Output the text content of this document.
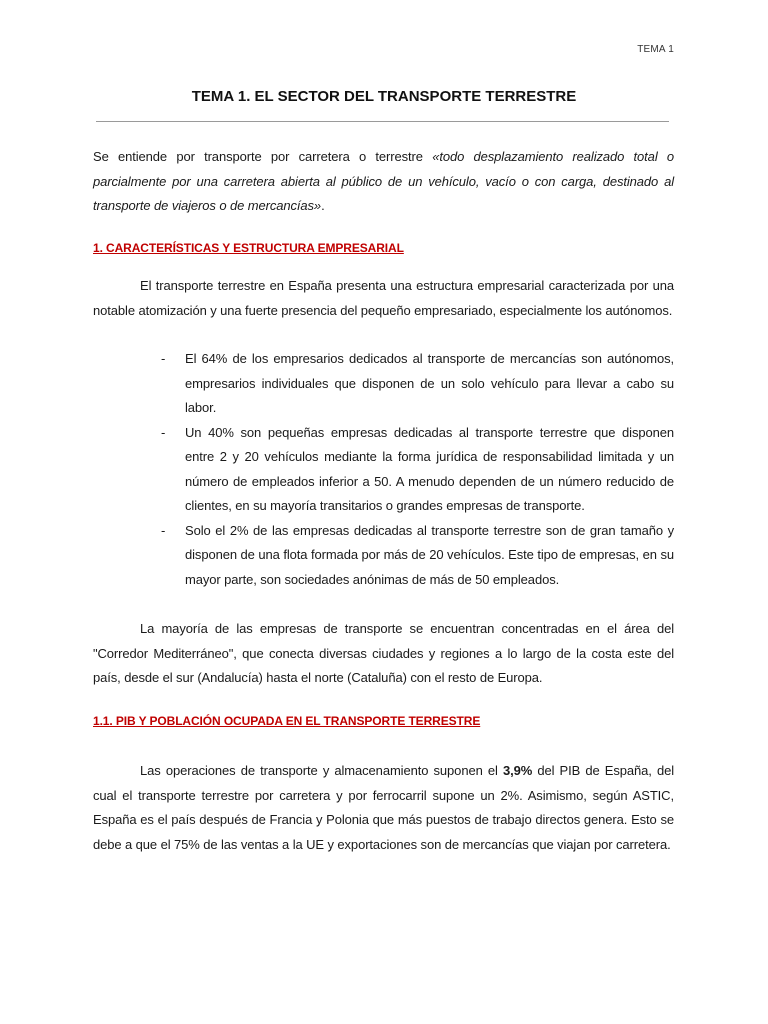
TEMA 1
TEMA 1. EL SECTOR DEL TRANSPORTE TERRESTRE

Se entiende por transporte por carretera o terrestre «todo desplazamiento realizado total o parcialmente por una carretera abierta al público de un vehículo, vacío o con carga, destinado al transporte de viajeros o de mercancías».

1. CARACTERÍSTICAS Y ESTRUCTURA EMPRESARIAL

El transporte terrestre en España presenta una estructura empresarial caracterizada por una notable atomización y una fuerte presencia del pequeño empresariado, especialmente los autónomos.

- El 64% de los empresarios dedicados al transporte de mercancías son autónomos, empresarios individuales que disponen de un solo vehículo para llevar a cabo su labor.
- Un 40% son pequeñas empresas dedicadas al transporte terrestre que disponen entre 2 y 20 vehículos mediante la forma jurídica de responsabilidad limitada y un número de empleados inferior a 50. A menudo dependen de un número reducido de clientes, en su mayoría transitarios o grandes empresas de transporte.
- Solo el 2% de las empresas dedicadas al transporte terrestre son de gran tamaño y disponen de una flota formada por más de 20 vehículos. Este tipo de empresas, en su mayor parte, son sociedades anónimas de más de 50 empleados.

La mayoría de las empresas de transporte se encuentran concentradas en el área del "Corredor Mediterráneo", que conecta diversas ciudades y regiones a lo largo de la costa este del país, desde el sur (Andalucía) hasta el norte (Cataluña) con el resto de Europa.

1.1. PIB Y POBLACIÓN OCUPADA EN EL TRANSPORTE TERRESTRE

Las operaciones de transporte y almacenamiento suponen el 3,9% del PIB de España, del cual el transporte terrestre por carretera y por ferrocarril supone un 2%. Asimismo, según ASTIC, España es el país después de Francia y Polonia que más puestos de trabajo directos genera. Esto se debe a que el 75% de las ventas a la UE y exportaciones son de mercancías que viajan por carretera.
